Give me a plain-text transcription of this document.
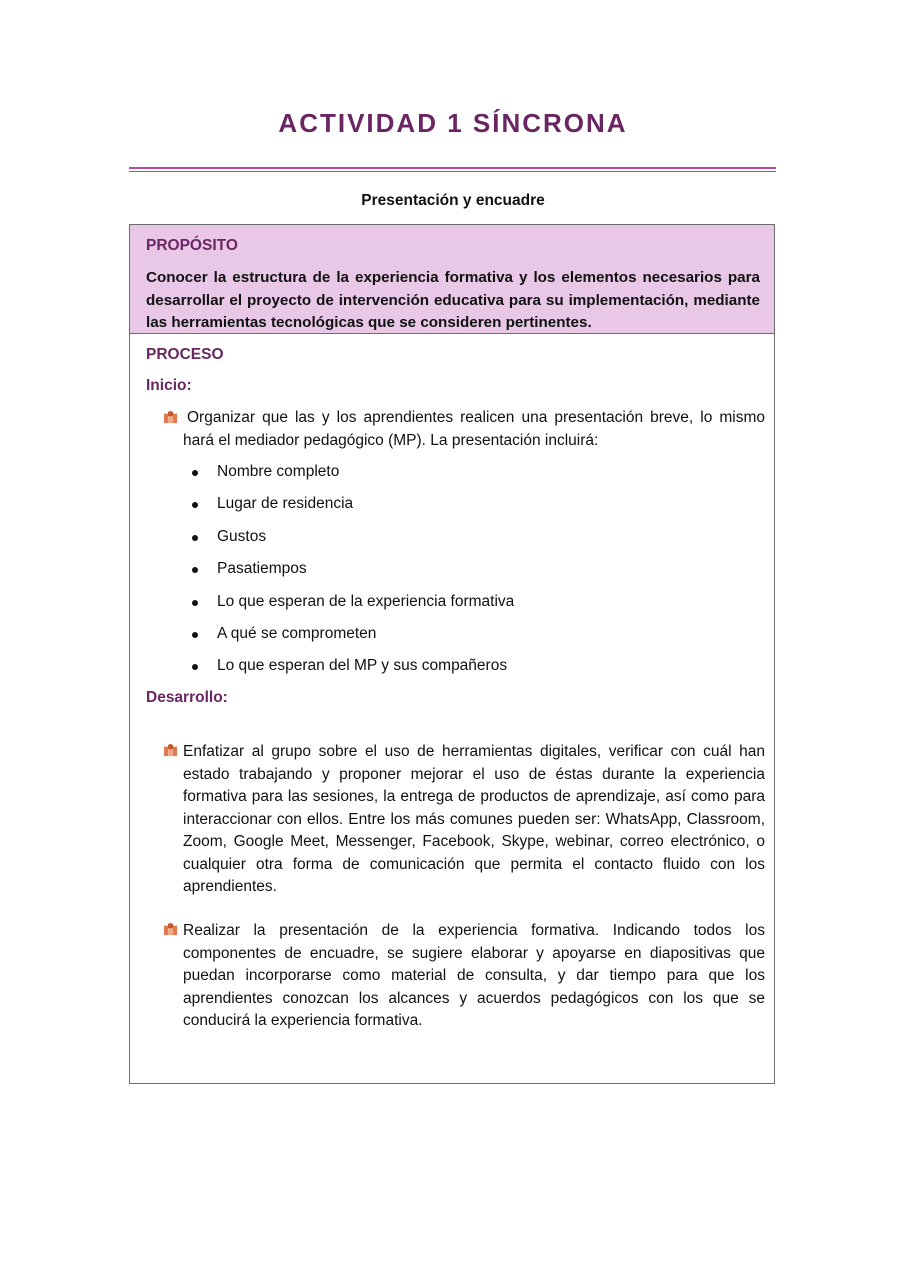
ACTIVIDAD 1 SÍNCRONA
Presentación y encuadre
PROPÓSITO
Conocer la estructura de la experiencia formativa y los elementos necesarios para desarrollar el proyecto de intervención educativa para su implementación, mediante las herramientas tecnológicas que se consideren pertinentes.
PROCESO
Inicio:
Organizar que las y los aprendientes realicen una presentación breve, lo mismo hará el mediador pedagógico (MP). La presentación incluirá:
Nombre completo
Lugar de residencia
Gustos
Pasatiempos
Lo que esperan de la experiencia formativa
A qué se comprometen
Lo que esperan del MP y sus compañeros
Desarrollo:
Enfatizar al grupo sobre el uso de herramientas digitales, verificar con cuál han estado trabajando y proponer mejorar el uso de éstas durante la experiencia formativa para las sesiones, la entrega de productos de aprendizaje, así como para interaccionar con ellos. Entre los más comunes pueden ser: WhatsApp, Classroom, Zoom, Google Meet, Messenger, Facebook, Skype, webinar, correo electrónico, o cualquier otra forma de comunicación que permita el contacto fluido con los aprendientes.
Realizar la presentación de la experiencia formativa. Indicando todos los componentes de encuadre, se sugiere elaborar y apoyarse en diapositivas que puedan incorporarse como material de consulta, y dar tiempo para que los aprendientes conozcan los alcances y acuerdos pedagógicos con los que se conducirá la experiencia formativa.
